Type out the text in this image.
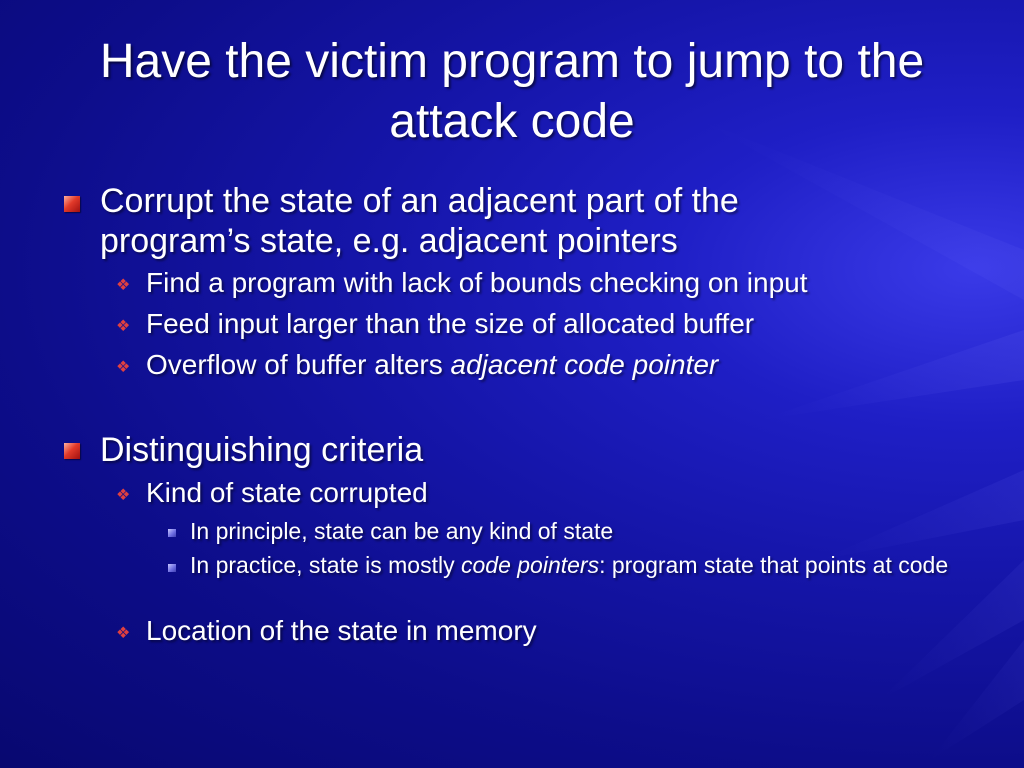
Have the victim program to jump to the attack code
Corrupt the state of an adjacent part of the program’s state, e.g. adjacent pointers
❖ Find a program with lack of bounds checking on input
❖ Feed input larger than the size of allocated buffer
❖ Overflow of buffer alters adjacent code pointer
Distinguishing criteria
❖ Kind of state corrupted
In principle, state can be any kind of state
In practice, state is mostly code pointers: program state that points at code
❖ Location of the state in memory
